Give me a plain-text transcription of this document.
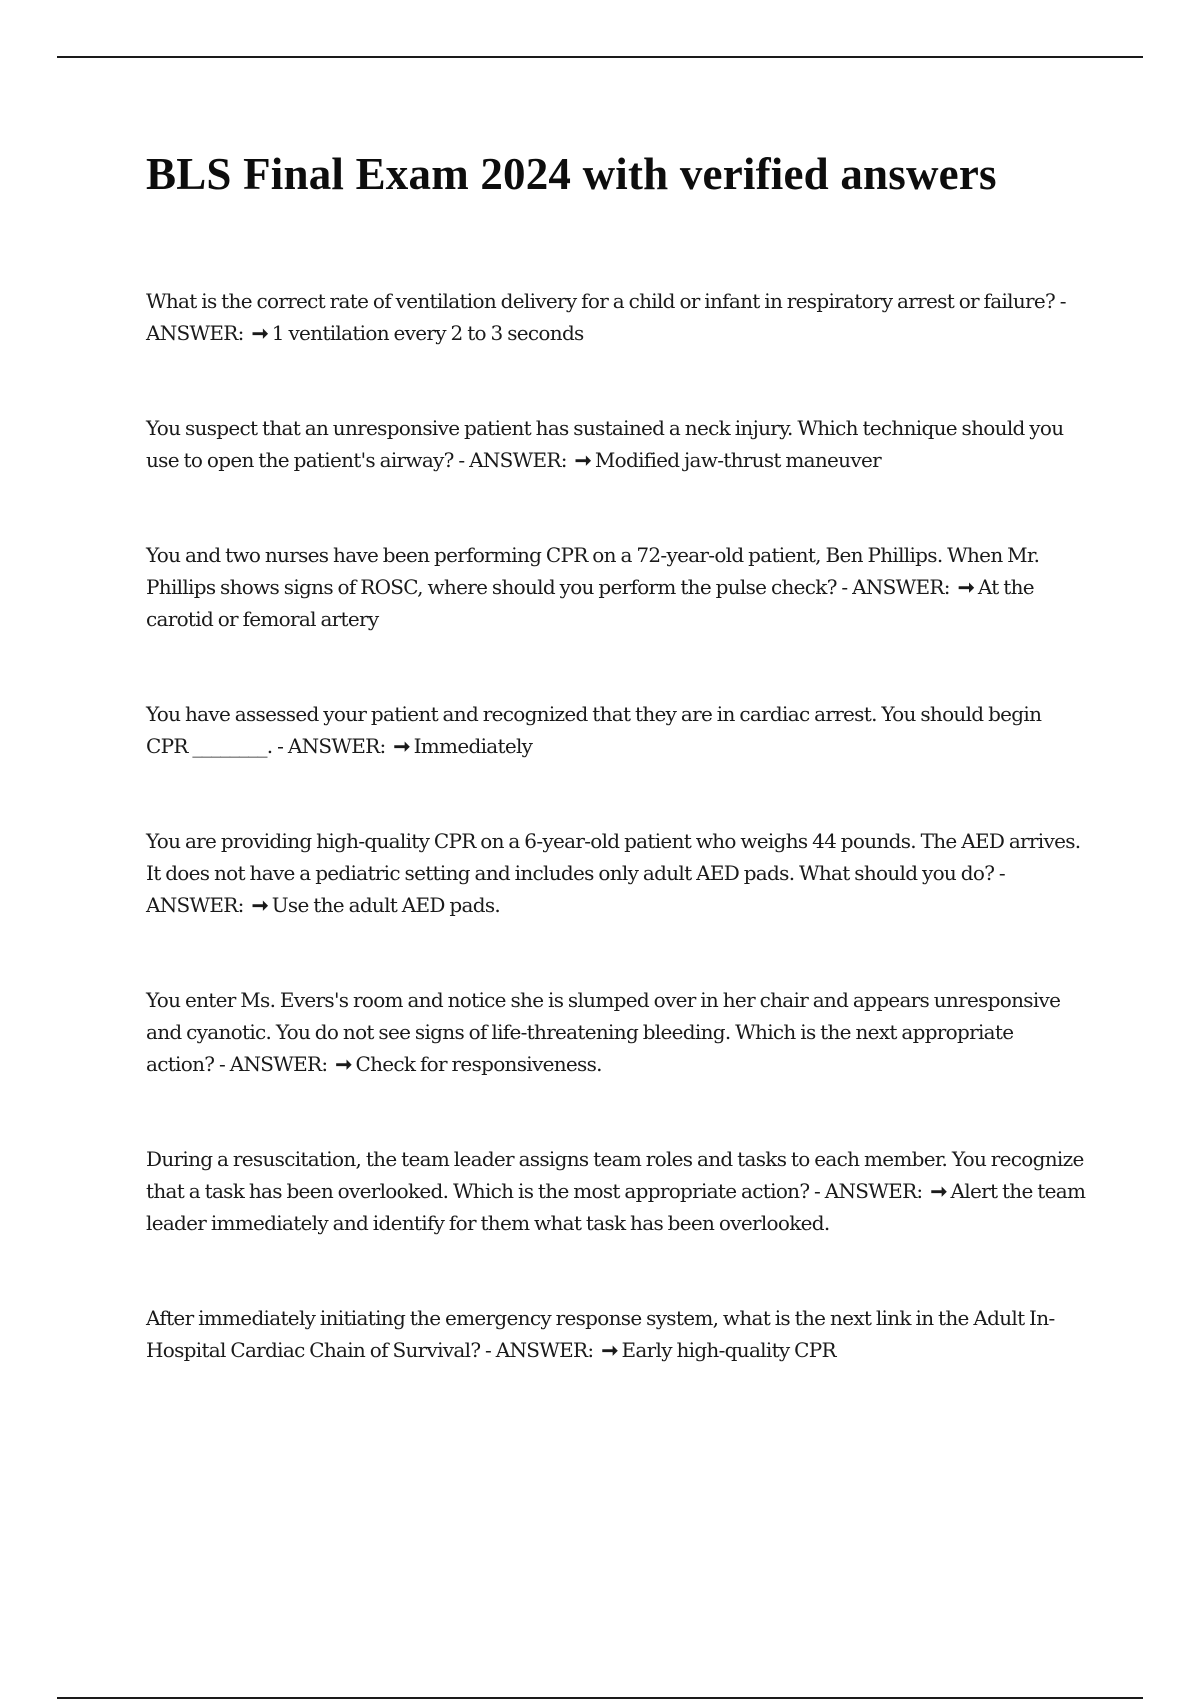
BLS Final Exam 2024 with verified answers

What is the correct rate of ventilation delivery for a child or infant in respiratory arrest or failure? - ANSWER: ➞ 1 ventilation every 2 to 3 seconds

You suspect that an unresponsive patient has sustained a neck injury. Which technique should you use to open the patient's airway? - ANSWER: ➞ Modified jaw-thrust maneuver

You and two nurses have been performing CPR on a 72-year-old patient, Ben Phillips. When Mr. Phillips shows signs of ROSC, where should you perform the pulse check? - ANSWER: ➞ At the carotid or femoral artery

You have assessed your patient and recognized that they are in cardiac arrest. You should begin CPR ________. - ANSWER: ➞ Immediately

You are providing high-quality CPR on a 6-year-old patient who weighs 44 pounds. The AED arrives. It does not have a pediatric setting and includes only adult AED pads. What should you do? - ANSWER: ➞ Use the adult AED pads.

You enter Ms. Evers's room and notice she is slumped over in her chair and appears unresponsive and cyanotic. You do not see signs of life-threatening bleeding. Which is the next appropriate action? - ANSWER: ➞ Check for responsiveness.

During a resuscitation, the team leader assigns team roles and tasks to each member. You recognize that a task has been overlooked. Which is the most appropriate action? - ANSWER: ➞ Alert the team leader immediately and identify for them what task has been overlooked.

After immediately initiating the emergency response system, what is the next link in the Adult In-Hospital Cardiac Chain of Survival? - ANSWER: ➞ Early high-quality CPR
